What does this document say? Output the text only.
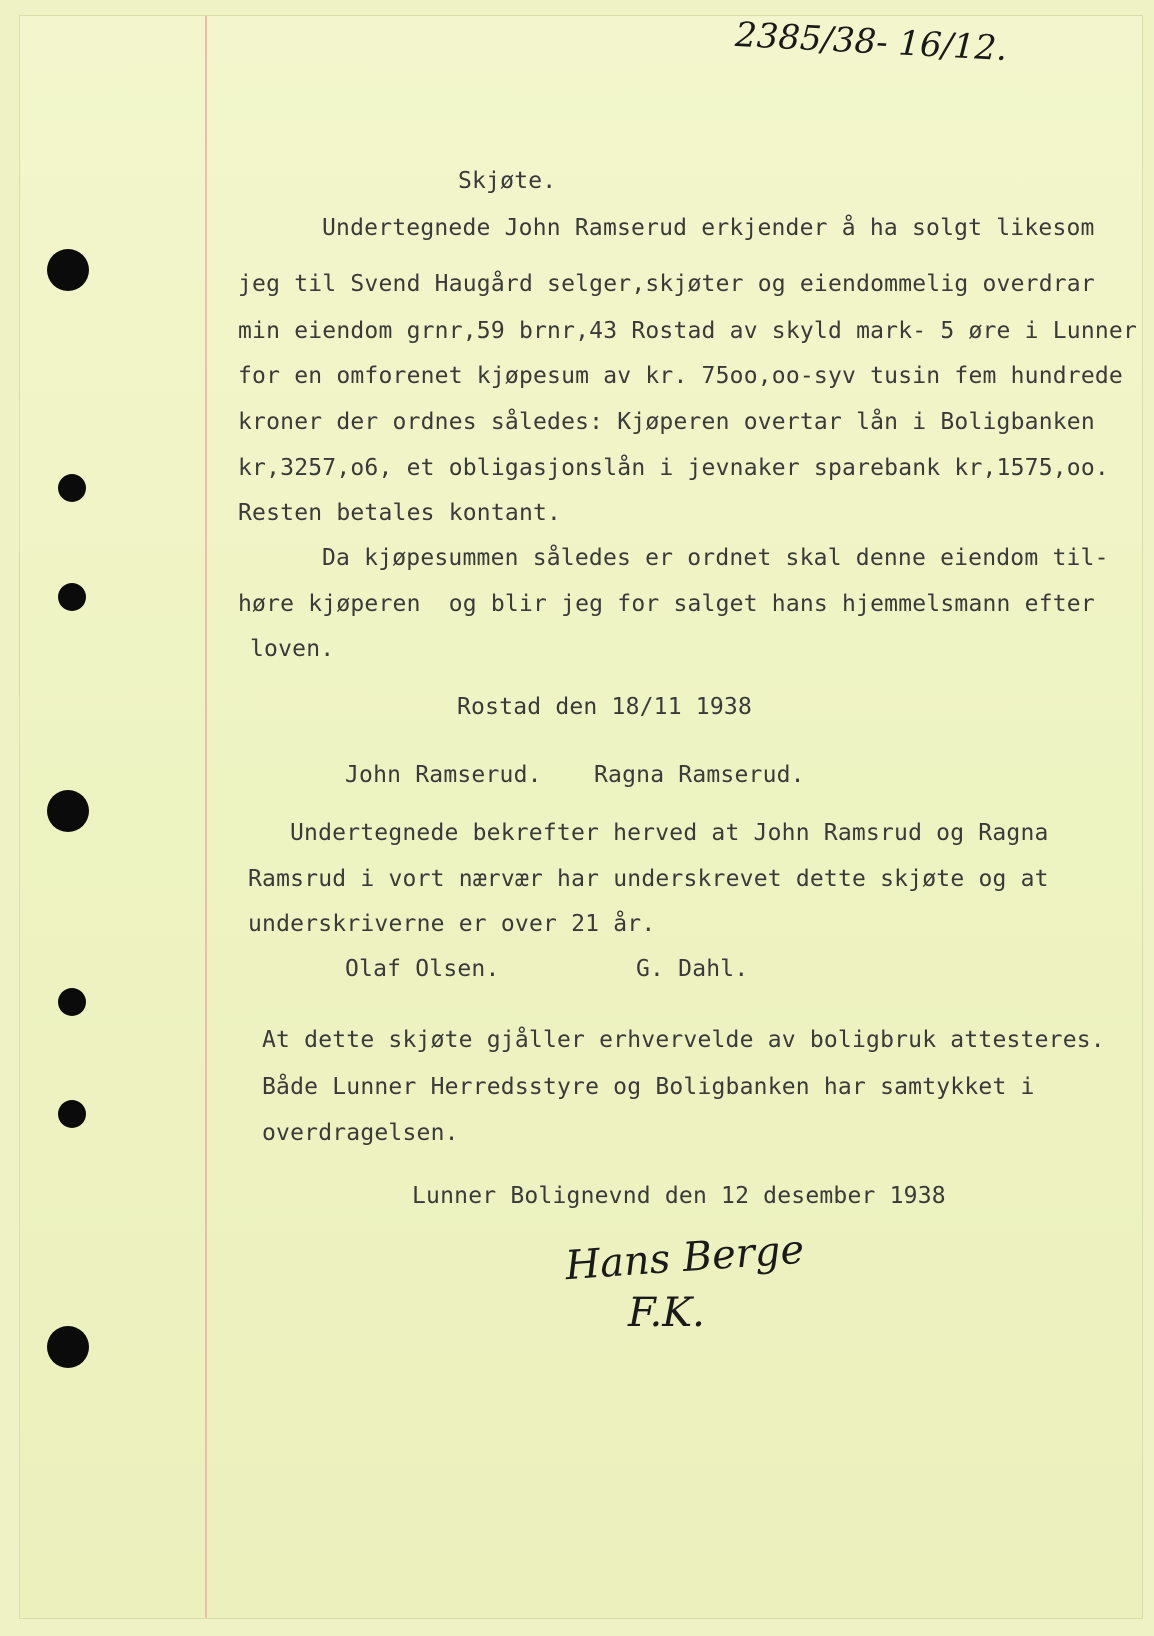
2385/38- 16/12.
Skjøte.
Undertegnede John Ramserud erkjender å ha solgt likesom
jeg til Svend Haugård selger,skjøter og eiendommelig overdrar
min eiendom grnr,59 brnr,43 Rostad av skyld mark- 5 øre i Lunner
for en omforenet kjøpesum av kr. 75oo,oo-syv tusin fem hundrede
kroner der ordnes således: Kjøperen overtar lån i Boligbanken
kr,3257,o6, et obligasjonslån i jevnaker sparebank kr,1575,oo.
Resten betales kontant.
Da kjøpesummen således er ordnet skal denne eiendom til-
høre kjøperen  og blir jeg for salget hans hjemmelsmann efter
loven.
Rostad den 18/11 1938
John Ramserud. Ragna Ramserud.
Undertegnede bekrefter herved at John Ramsrud og Ragna
Ramsrud i vort nærvær har underskrevet dette skjøte og at
underskriverne er over 21 år.
Olaf Olsen.	G. Dahl.
At dette skjøte gjåller erhvervelde av boligbruk attesteres.
Både Lunner Herredsstyre og Boligbanken har samtykket i
overdragelsen.
Lunner Bolignevnd den 12 desember 1938
Hans Berge
F.K.
